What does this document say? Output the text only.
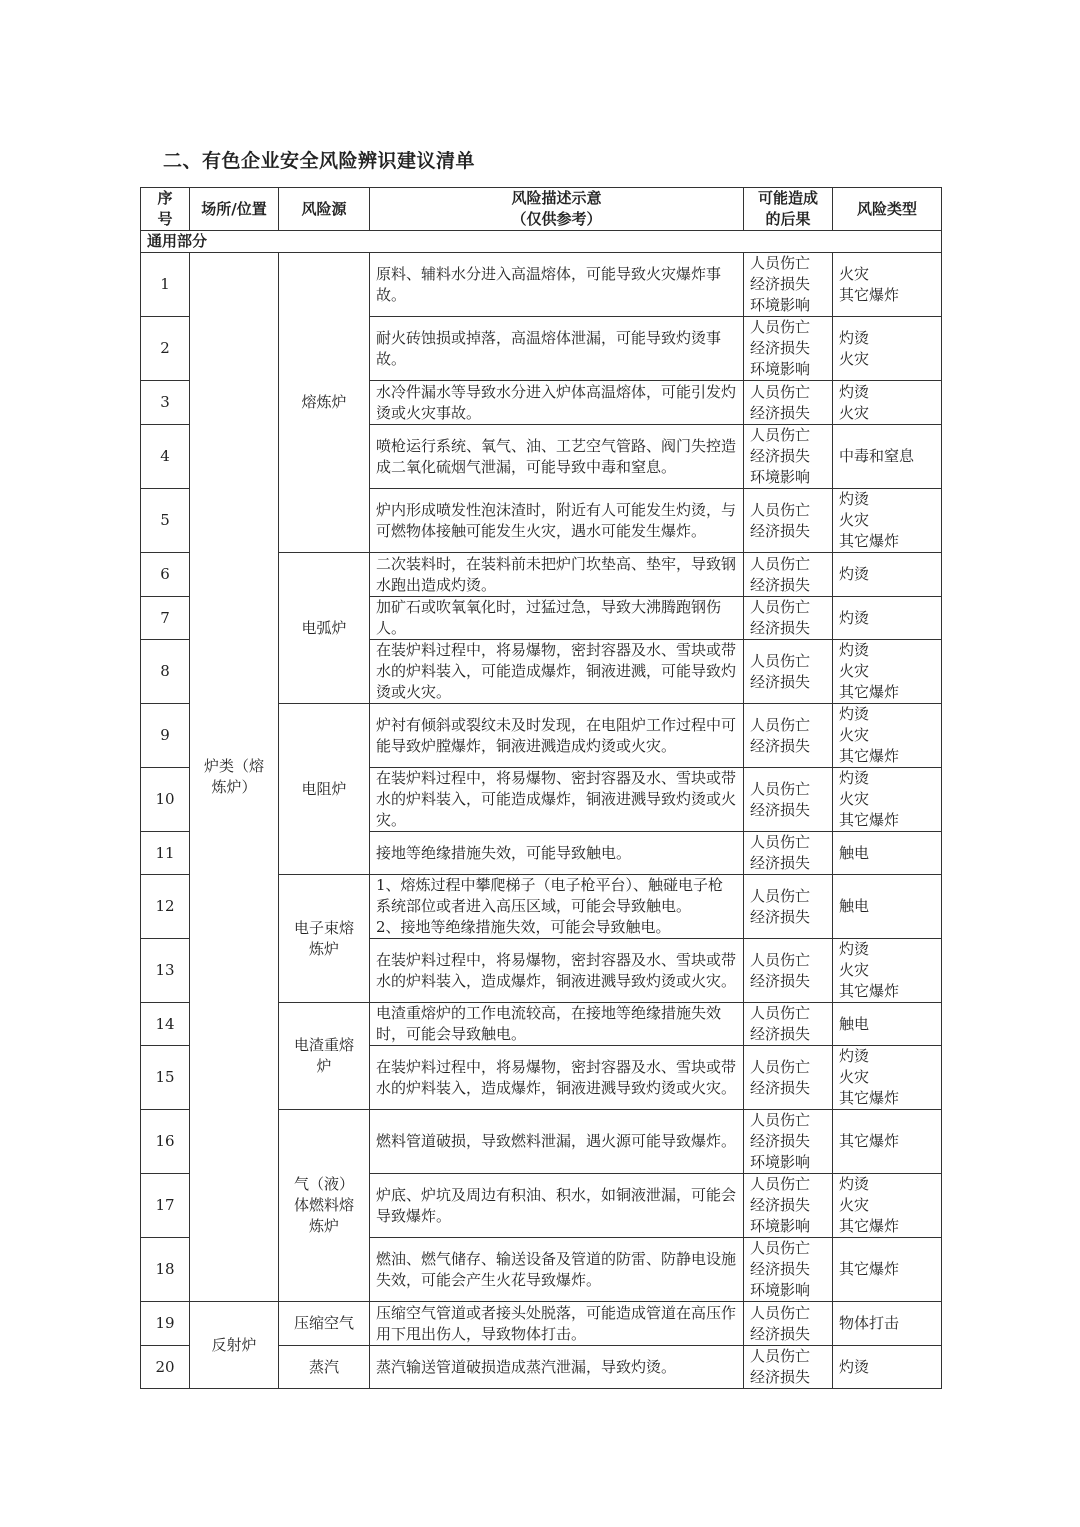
二、有色企业安全风险辨识建议清单
序
号	场所/位置	风险源	风险描述示意
（仅供参考）	可能造成
的后果	风险类型
通用部分					
1	炉类（熔
炼炉）	熔炼炉	原料、辅料水分进入高温熔体，可能导致火灾爆炸事故。	人员伤亡
经济损失
环境影响	火灾
其它爆炸
2			耐火砖蚀损或掉落，高温熔体泄漏，可能导致灼烫事故。	人员伤亡
经济损失
环境影响	灼烫
火灾
3			水冷件漏水等导致水分进入炉体高温熔体，可能引发灼烫或火灾事故。	人员伤亡
经济损失	灼烫
火灾
4			喷枪运行系统、氧气、油、工艺空气管路、阀门失控造成二氧化硫烟气泄漏，可能导致中毒和窒息。	人员伤亡
经济损失
环境影响	中毒和窒息
5			炉内形成喷发性泡沫渣时，附近有人可能发生灼烫，与可燃物体接触可能发生火灾，遇水可能发生爆炸。	人员伤亡
经济损失	灼烫
火灾
其它爆炸
6		电弧炉	二次装料时，在装料前未把炉门坎垫高、垫牢，导致钢水跑出造成灼烫。	人员伤亡
经济损失	灼烫
7			加矿石或吹氧氧化时，过猛过急，导致大沸腾跑钢伤人。	人员伤亡
经济损失	灼烫
8			在装炉料过程中，将易爆物，密封容器及水、雪块或带水的炉料装入，可能造成爆炸，铜液进溅，可能导致灼烫或火灾。	人员伤亡
经济损失	灼烫
火灾
其它爆炸
9		电阻炉	炉衬有倾斜或裂纹未及时发现，在电阻炉工作过程中可能导致炉膛爆炸，铜液进溅造成灼烫或火灾。	人员伤亡
经济损失	灼烫
火灾
其它爆炸
10			在装炉料过程中，将易爆物、密封容器及水、雪块或带水的炉料装入，可能造成爆炸，铜液进溅导致灼烫或火灾。	人员伤亡
经济损失	灼烫
火灾
其它爆炸
11			接地等绝缘措施失效，可能导致触电。	人员伤亡
经济损失	触电
12		电子束熔
炼炉	1、熔炼过程中攀爬梯子（电子枪平台）、触碰电子枪系统部位或者进入高压区域，可能会导致触电。
2、接地等绝缘措施失效，可能会导致触电。	人员伤亡
经济损失	触电
13			在装炉料过程中，将易爆物，密封容器及水、雪块或带水的炉料装入，造成爆炸，铜液进溅导致灼烫或火灾。	人员伤亡
经济损失	灼烫
火灾
其它爆炸
14		电渣重熔
炉	电渣重熔炉的工作电流较高，在接地等绝缘措施失效时，可能会导致触电。	人员伤亡
经济损失	触电
15			在装炉料过程中，将易爆物，密封容器及水、雪块或带水的炉料装入，造成爆炸，铜液进溅导致灼烫或火灾。	人员伤亡
经济损失	灼烫
火灾
其它爆炸
16		气（液）
体燃料熔
炼炉	燃料管道破损，导致燃料泄漏，遇火源可能导致爆炸。	人员伤亡
经济损失
环境影响	其它爆炸
17			炉底、炉坑及周边有积油、积水，如铜液泄漏，可能会导致爆炸。	人员伤亡
经济损失
环境影响	灼烫
火灾
其它爆炸
18			燃油、燃气储存、输送设备及管道的防雷、防静电设施失效，可能会产生火花导致爆炸。	人员伤亡
经济损失
环境影响	其它爆炸
19	反射炉	压缩空气	压缩空气管道或者接头处脱落，可能造成管道在高压作用下甩出伤人，导致物体打击。	人员伤亡
经济损失	物体打击
20		蒸汽	蒸汽输送管道破损造成蒸汽泄漏，导致灼烫。	人员伤亡
经济损失	灼烫
